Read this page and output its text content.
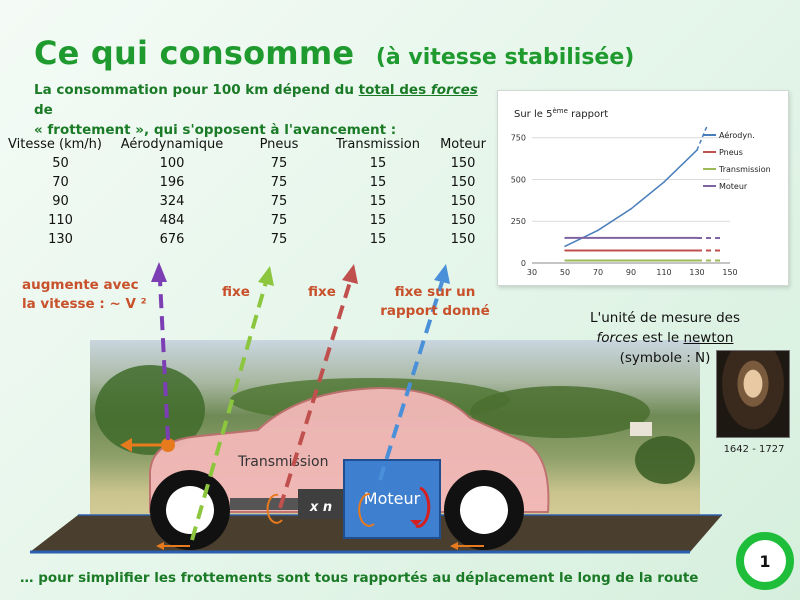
Ce qui consomme (à vitesse stabilisée)
La consommation pour 100 km dépend du total des forces de
« frottement », qui s'opposent à l'avancement :
Vitesse (km/h)	Aérodynamique	Pneus	Transmission	Moteur
50	100	75	15	150
70	196	75	15	150
90	324	75	15	150
110	484	75	15	150
130	676	75	15	150
Sur le 5ème rapport
0
250
500
750
30	50	70	90	110 130 150
Aérodyn.
Pneus
Transmission
Moteur
x n Moteur
Transmission
augmente avec
la vitesse : ~ V ²
fixe	fixe	fixe sur un
rapport donné	L'unité de mesure des
forces est le newton
(symbole : N)
1642 - 1727
… pour simplifier les frottements sont tous rapportés au déplacement le long de la route
1
